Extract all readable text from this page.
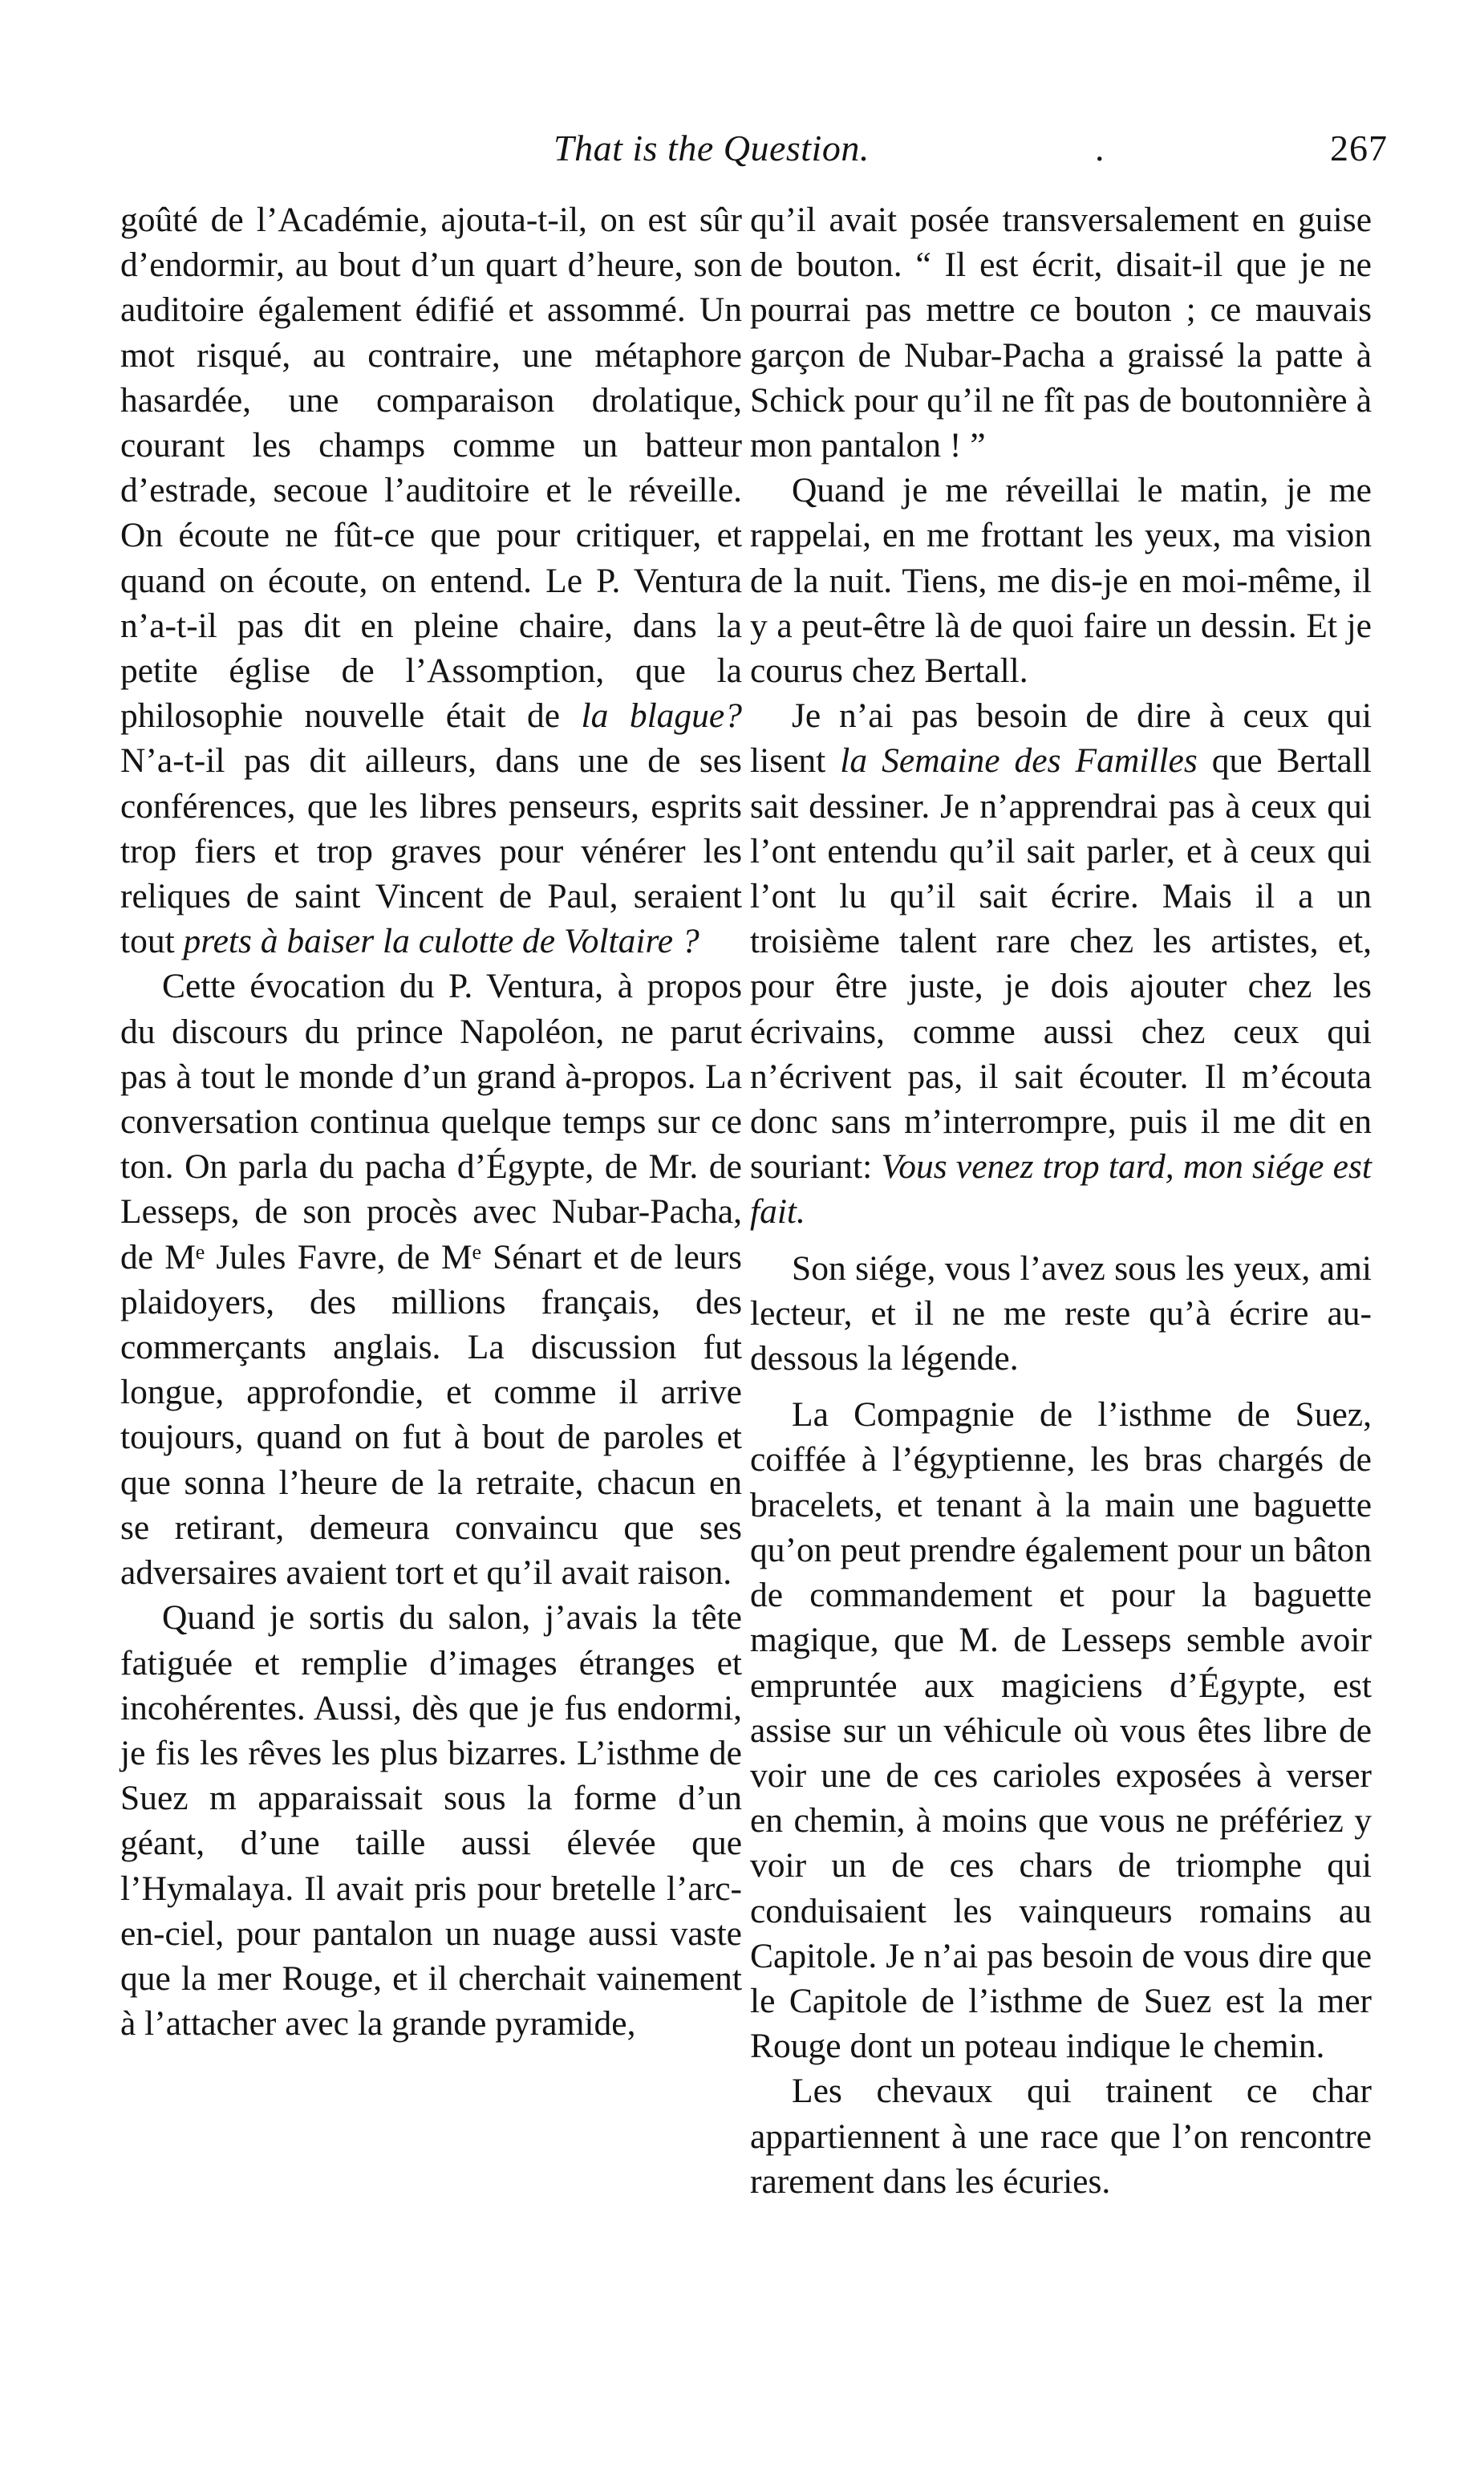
That is the Question.	.	267

goûté de l’Académie, ajouta-t-il, on est sûr d’endormir, au bout d’un quart d’heure, son auditoire également édifié et assommé. Un mot risqué, au contraire, une métaphore hasardée, une comparaison drolatique, courant les champs comme un batteur d’estrade, secoue l’auditoire et le réveille. On écoute ne fût-ce que pour critiquer, et quand on écoute, on entend. Le P. Ventura n’a-t-il pas dit en pleine chaire, dans la petite église de l’Assomption, que la philosophie nouvelle était de la blague? N’a-t-il pas dit ailleurs, dans une de ses conférences, que les libres penseurs, esprits trop fiers et trop graves pour vénérer les reliques de saint Vincent de Paul, seraient tout prets à baiser la culotte de Voltaire ?

Cette évocation du P. Ventura, à propos du discours du prince Napoléon, ne parut pas à tout le monde d’un grand à-propos. La conversation continua quelque temps sur ce ton. On parla du pacha d’Égypte, de Mr. de Lesseps, de son procès avec Nubar-Pacha, de Mᵉ Jules Favre, de Mᵉ Sénart et de leurs plaidoyers, des millions français, des commerçants anglais. La discussion fut longue, approfondie, et comme il arrive toujours, quand on fut à bout de paroles et que sonna l’heure de la retraite, chacun en se retirant, demeura convaincu que ses adversaires avaient tort et qu’il avait raison.

Quand je sortis du salon, j’avais la tête fatiguée et remplie d’images étranges et incohérentes. Aussi, dès que je fus endormi, je fis les rêves les plus bizarres. L’isthme de Suez m apparaissait sous la forme d’un géant, d’une taille aussi élevée que l’Hymalaya. Il avait pris pour bretelle l’arc-en-ciel, pour pantalon un nuage aussi vaste que la mer Rouge, et il cherchait vainement à l’attacher avec la grande pyramide,

qu’il avait posée transversalement en guise de bouton. “ Il est écrit, disait-il que je ne pourrai pas mettre ce bouton ; ce mauvais garçon de Nubar-Pacha a graissé la patte à Schick pour qu’il ne fît pas de boutonnière à mon pantalon ! ”

Quand je me réveillai le matin, je me rappelai, en me frottant les yeux, ma vision de la nuit. Tiens, me dis-je en moi-même, il y a peut-être là de quoi faire un dessin. Et je courus chez Bertall.

Je n’ai pas besoin de dire à ceux qui lisent la Semaine des Familles que Bertall sait dessiner. Je n’apprendrai pas à ceux qui l’ont entendu qu’il sait parler, et à ceux qui l’ont lu qu’il sait écrire. Mais il a un troisième talent rare chez les artistes, et, pour être juste, je dois ajouter chez les écrivains, comme aussi chez ceux qui n’écrivent pas, il sait écouter. Il m’écouta donc sans m’interrompre, puis il me dit en souriant: Vous venez trop tard, mon siége est fait.

Son siége, vous l’avez sous les yeux, ami lecteur, et il ne me reste qu’à écrire au-dessous la légende.

La Compagnie de l’isthme de Suez, coiffée à l’égyptienne, les bras chargés de bracelets, et tenant à la main une baguette qu’on peut prendre également pour un bâton de commandement et pour la baguette magique, que M. de Lesseps semble avoir empruntée aux magiciens d’Égypte, est assise sur un véhicule où vous êtes libre de voir une de ces carioles exposées à verser en chemin, à moins que vous ne préfériez y voir un de ces chars de triomphe qui conduisaient les vainqueurs romains au Capitole. Je n’ai pas besoin de vous dire que le Capitole de l’isthme de Suez est la mer Rouge dont un poteau indique le chemin.

Les chevaux qui trainent ce char appartiennent à une race que l’on rencontre rarement dans les écuries.
